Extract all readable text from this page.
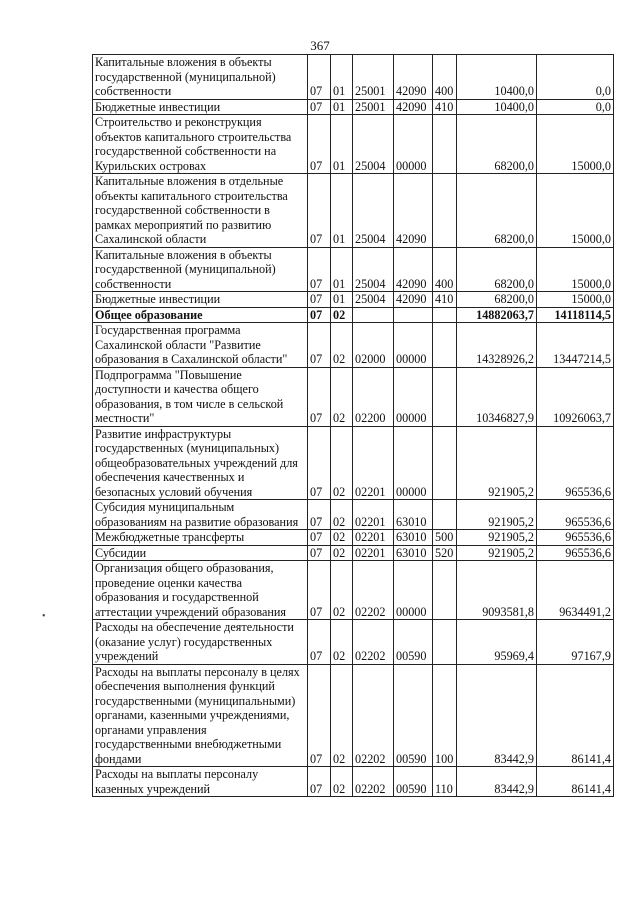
367
•
Капитальные вложения в объекты государственной (муниципальной) собственности	07	01	25001	42090	400	10400,0	0,0
Бюджетные инвестиции	07	01	25001	42090	410	10400,0	0,0
Строительство и реконструкция объектов капитального строительства государственной собственности на Курильских островах	07	01	25004	00000		68200,0	15000,0
Капитальные вложения в отдельные объекты капитального строительства государственной собственности в рамках мероприятий по развитию Сахалинской области	07	01	25004	42090		68200,0	15000,0
Капитальные вложения в объекты государственной (муниципальной) собственности	07	01	25004	42090	400	68200,0	15000,0
Бюджетные инвестиции	07	01	25004	42090	410	68200,0	15000,0
Общее образование	07	02				14882063,7	14118114,5
Государственная программа Сахалинской области "Развитие образования в Сахалинской области"	07	02	02000	00000		14328926,2	13447214,5
Подпрограмма "Повышение доступности и качества общего образования, в том числе в сельской местности"	07	02	02200	00000		10346827,9	10926063,7
Развитие инфраструктуры государственных (муниципальных) общеобразовательных учреждений для обеспечения качественных и безопасных условий обучения	07	02	02201	00000		921905,2	965536,6
Субсидия муниципальным образованиям на развитие образования	07	02	02201	63010		921905,2	965536,6
Межбюджетные трансферты	07	02	02201	63010	500	921905,2	965536,6
Субсидии	07	02	02201	63010	520	921905,2	965536,6
Организация общего образования, проведение оценки качества образования и государственной аттестации учреждений образования	07	02	02202	00000		9093581,8	9634491,2
Расходы на обеспечение деятельности (оказание услуг) государственных учреждений	07	02	02202	00590		95969,4	97167,9
Расходы на выплаты персоналу в целях обеспечения выполнения функций государственными (муниципальными) органами, казенными учреждениями, органами управления государственными внебюджетными фондами	07	02	02202	00590	100	83442,9	86141,4
Расходы на выплаты персоналу казенных учреждений	07	02	02202	00590	110	83442,9	86141,4
